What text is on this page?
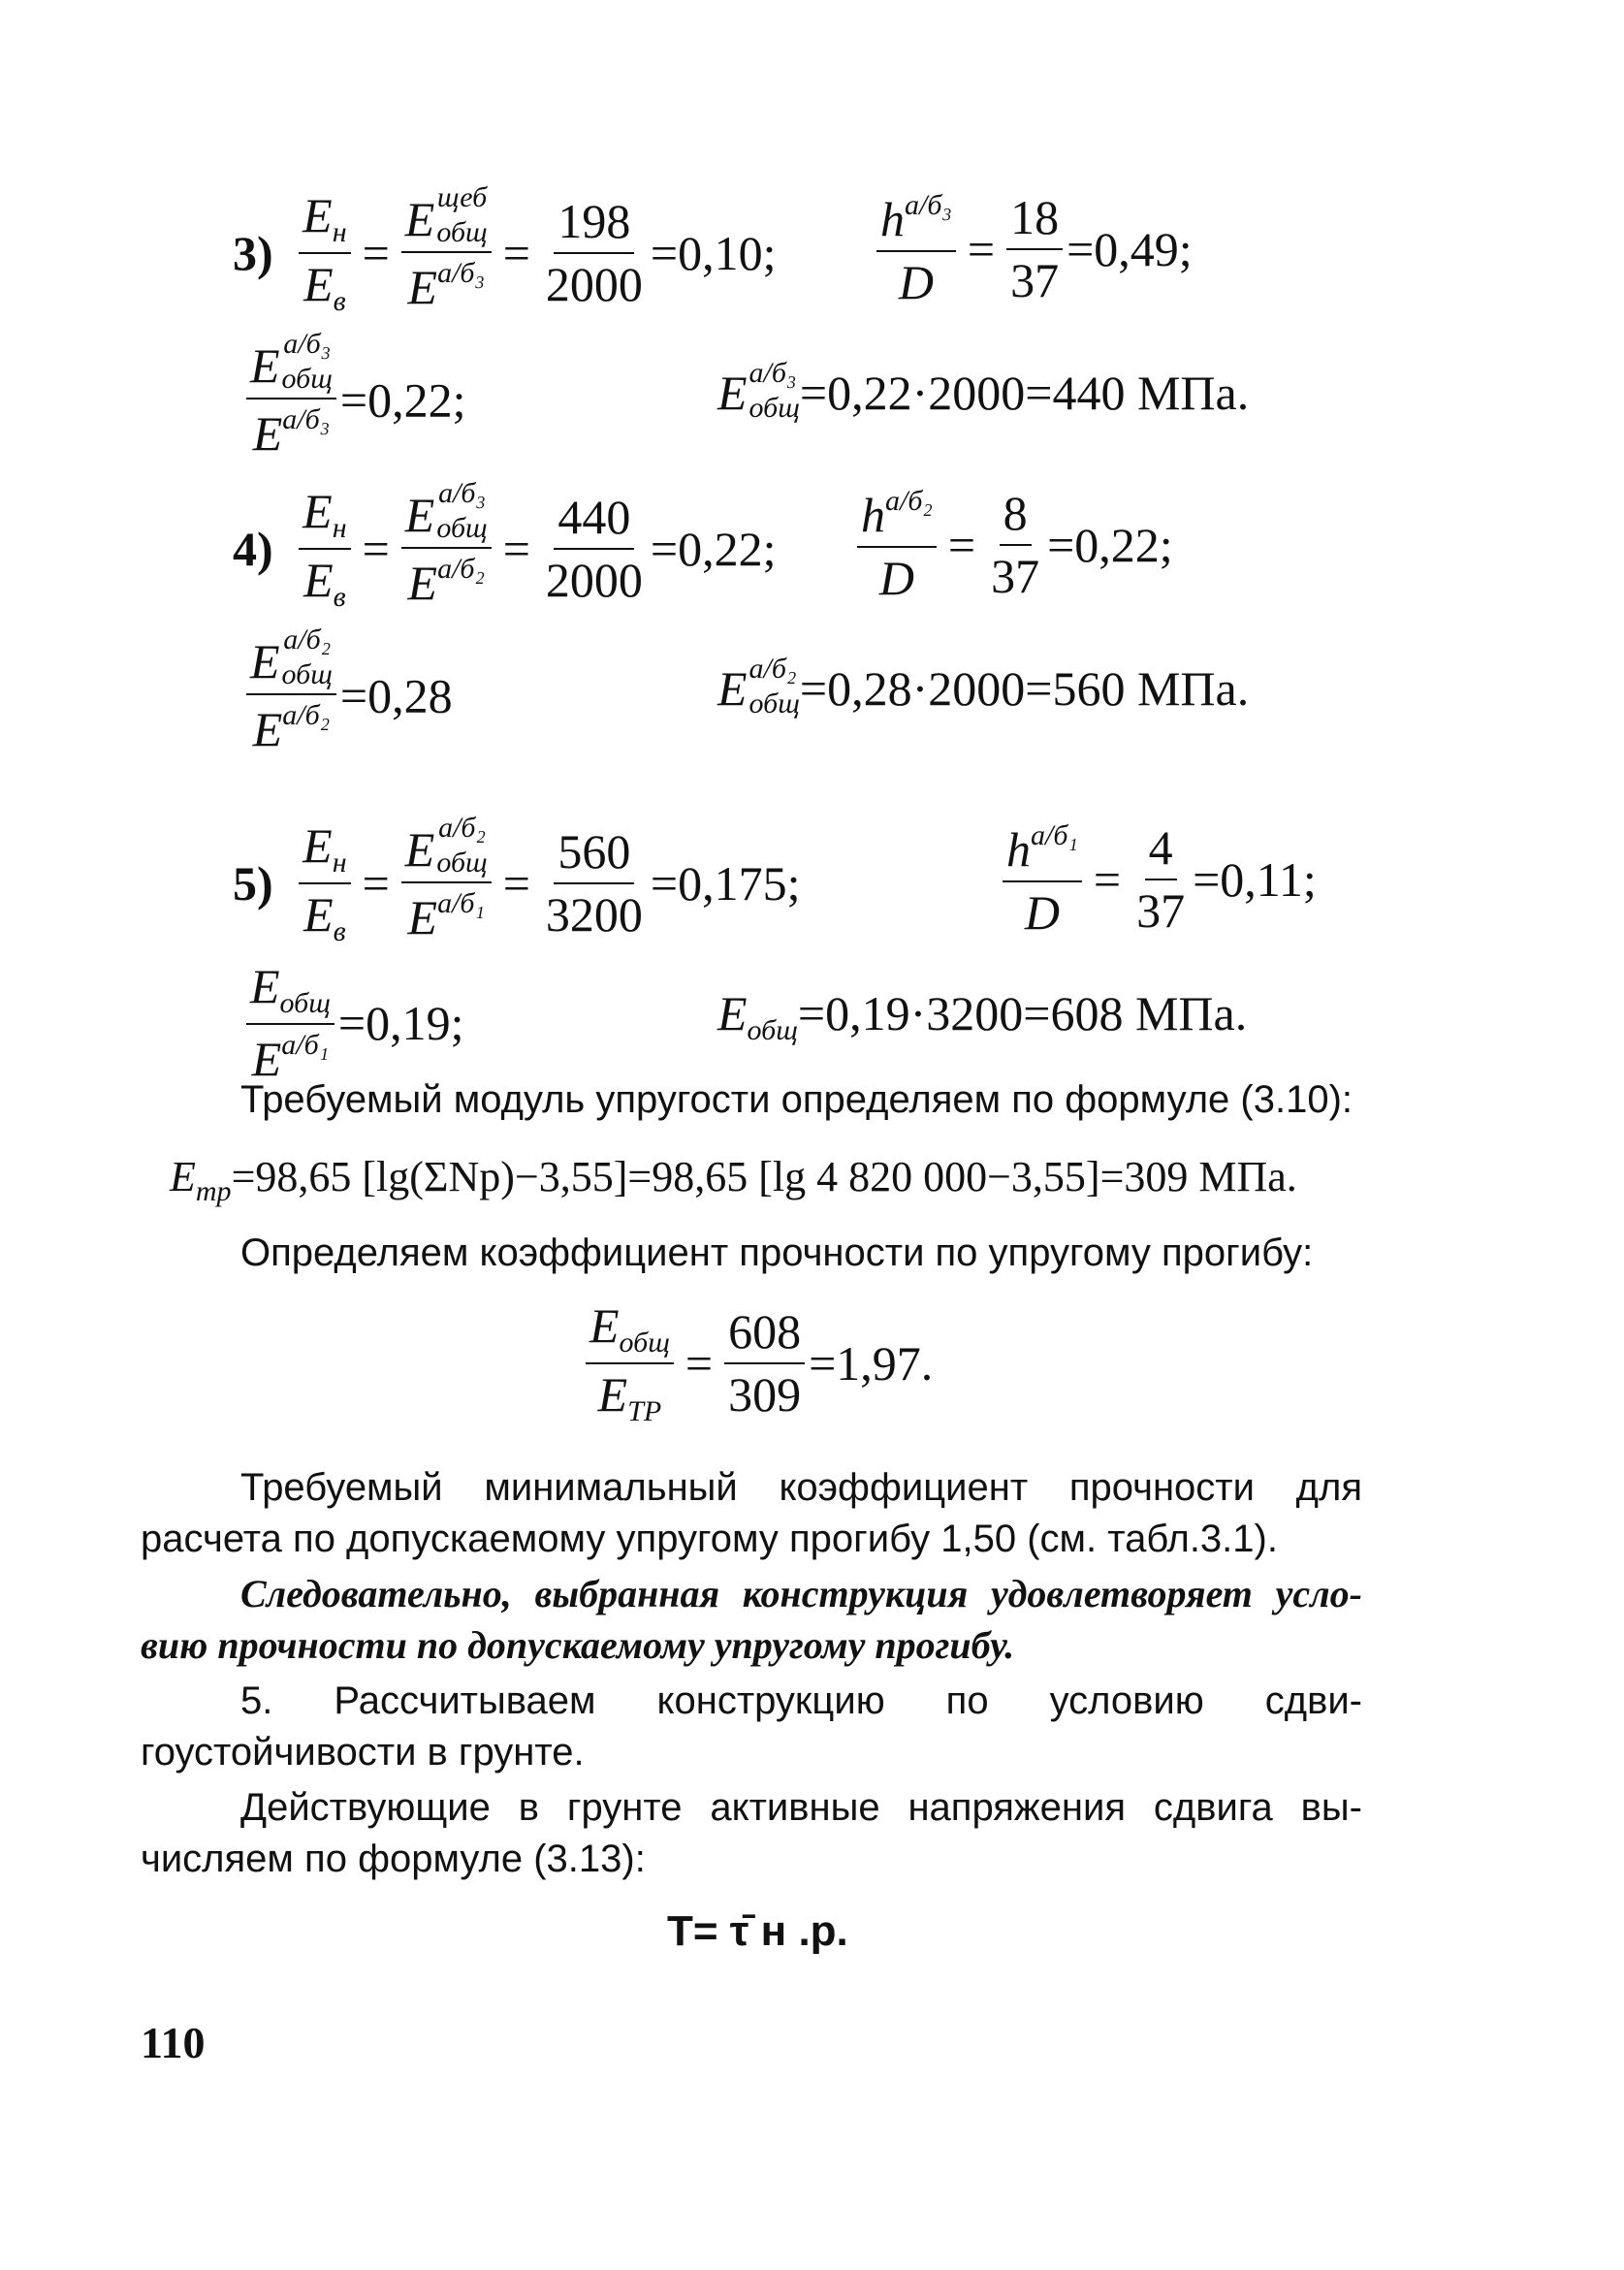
$3) \frac{E_н}{E_в} = E$ щеб
общ
$E^{а/б_3} = \frac{198}{2000} =0,10$; $\frac{h^{а/б_3}}{D} = \frac{18}{37} =0,49$;
E а/б₃
общ
$E^{а/б_3} =0,22$;	E а/б₃
общ =0,22·2000=440 МПа.
$4) \frac{E_н}{E_в} = E$ а/б₃
общ
$E^{а/б_2} = \frac{440}{2000} =0,22$; $\frac{h^{а/б_2}}{D} = \frac{8}{37} =0,22$;
E а/б₂
общ
$E^{а/б_2} =0,28$	E а/б₂
общ =0,28·2000=560 МПа.
$5) \frac{E_н}{E_в} = E$ а/б₂
общ
$E^{а/б_1} = \frac{560}{3200} =0,175$;	$\frac{h^{а/б_1}}{D} = \frac{4}{37} =0,11$;
$\frac{E_{общ}}{E^{а/б_1}} =0,19$;	$E_{общ}=0,19\cdot 3200=608$ МПа.
Требуемый модуль упругости определяем по формуле (3.10):
$E_{тр}=98,65$ [lg(ΣNр)−3,55]=98,65 [lg 4 820 000−3,55]=309 МПа.
Определяем коэффициент прочности по упругому прогибу:
$\frac{E_{общ}}{E_{ТР}} = \frac{608}{309} =1,97$.
Требуемый минимальный коэффициент прочности для
расчета по допускаемому упругому прогибу 1,50 (см. табл.3.1).
Следовательно, выбранная конструкция удовлетворяет усло-
вию прочности по допускаемому упругому прогибу.
5. Рассчитываем конструкцию по условию сдви-
гоустойчивости в грунте.
Действующие в грунте активные напряжения сдвига вы-
числяем по формуле (3.13):
T= τ̄ н .р.
110
